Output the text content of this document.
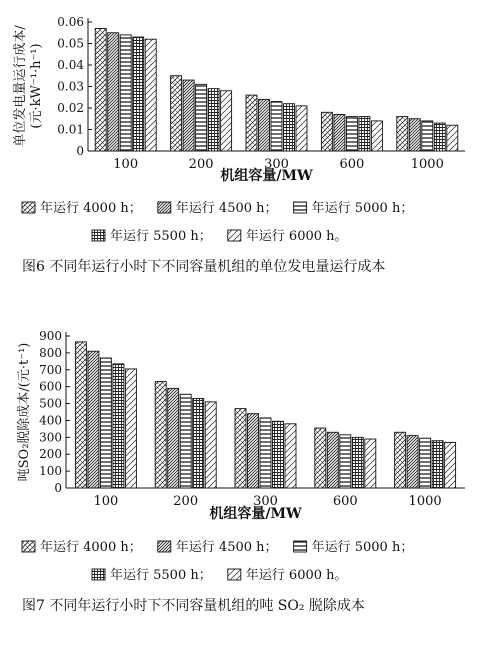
0
0.01
0.02
0.03
0.04
0.05
0.06
100	200	300	600	1000
机组容量/MW
单位发电量运行成本/ (元·kW⁻¹·h⁻¹)
年运行 4000 h；	年运行 4500 h；	年运行 5000 h；
年运行 5500 h；	年运行 6000 h。
图6 不同年运行小时下不同容量机组的单位发电量运行成本
0
100
200
300
400
500
600
700
800
900
100	200	300	600	1000
机组容量/MW
吨SO₂脱除成本/(元·t⁻¹)
年运行 4000 h；	年运行 4500 h；	年运行 5000 h；
年运行 5500 h；	年运行 6000 h。
图7 不同年运行小时下不同容量机组的吨 SO₂ 脱除成本
